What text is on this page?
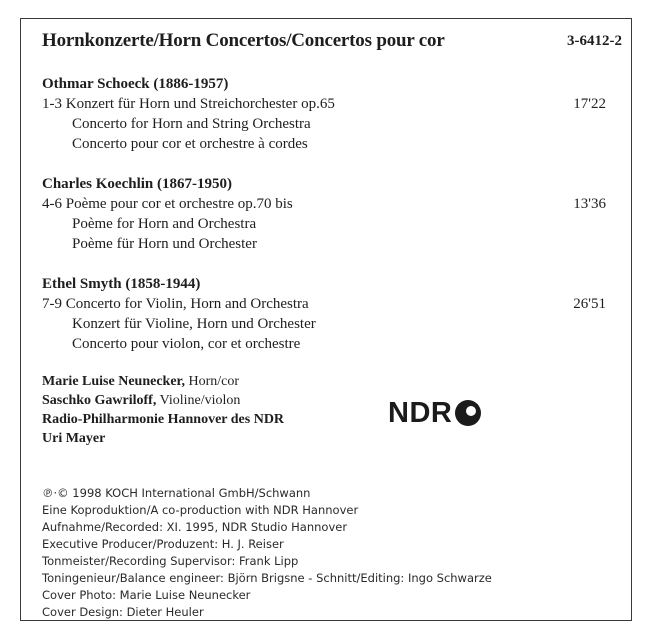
Hornkonzerte/Horn Concertos/Concertos pour cor	3-6412-2
Othmar Schoeck (1886-1957)
1-3 Konzert für Horn und Streichorchester op.65	17'22
Concerto for Horn and String Orchestra
Concerto pour cor et orchestre à cordes
Charles Koechlin (1867-1950)
4-6 Poème pour cor et orchestre op.70 bis	13'36
Poème for Horn and Orchestra
Poème für Horn und Orchester
Ethel Smyth (1858-1944)
7-9 Concerto for Violin, Horn and Orchestra	26'51
Konzert für Violine, Horn und Orchester
Concerto pour violon, cor et orchestre
Marie Luise Neunecker, Horn/cor
Saschko Gawriloff, Violine/violon
Radio-Philharmonie Hannover des NDR
Uri Mayer
NDR
℗·© 1998 KOCH International GmbH/Schwann
Eine Koproduktion/A co-production with NDR Hannover
Aufnahme/Recorded: XI. 1995, NDR Studio Hannover
Executive Producer/Produzent: H. J. Reiser
Tonmeister/Recording Supervisor: Frank Lipp
Toningenieur/Balance engineer: Björn Brigsne - Schnitt/Editing: Ingo Schwarze
Cover Photo: Marie Luise Neunecker
Cover Design: Dieter Heuler
